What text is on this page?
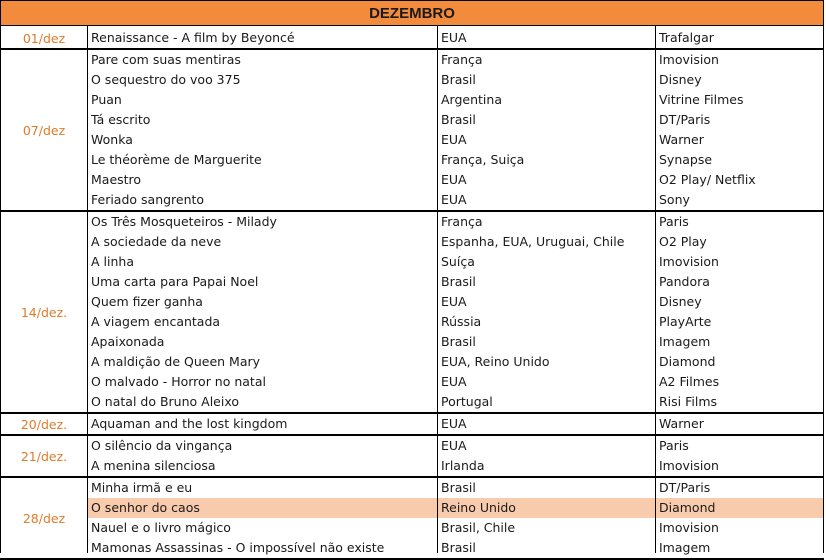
DEZEMBRO
01/dez	Renaissance - A film by Beyoncé	EUA	Trafalgar
07/dez
Pare com suas mentiras	França	Imovision
O sequestro do voo 375	Brasil	Disney
Puan	Argentina	Vitrine Filmes
Tá escrito	Brasil	DT/Paris
Wonka	EUA	Warner
Le théorème de Marguerite	França, Suiça	Synapse
Maestro	EUA	O2 Play/ Netflix
Feriado sangrento	EUA	Sony
14/dez.
Os Três Mosqueteiros - Milady	França	Paris
A sociedade da neve	Espanha, EUA, Uruguai, Chile	O2 Play
A linha	Suíça	Imovision
Uma carta para Papai Noel	Brasil	Pandora
Quem fizer ganha	EUA	Disney
A viagem encantada	Rússia	PlayArte
Apaixonada	Brasil	Imagem
A maldição de Queen Mary	EUA, Reino Unido	Diamond
O malvado - Horror no natal	EUA	A2 Filmes
O natal do Bruno Aleixo	Portugal	Risi Films
20/dez.	Aquaman and the lost kingdom	EUA	Warner
21/dez.
O silêncio da vingança	EUA	Paris
A menina silenciosa	Irlanda	Imovision
28/dez
Minha irmã e eu	Brasil	DT/Paris
O senhor do caos	Reino Unido	Diamond
Nauel e o livro mágico	Brasil, Chile	Imovision
Mamonas Assassinas - O impossível não existe	Brasil	Imagem
